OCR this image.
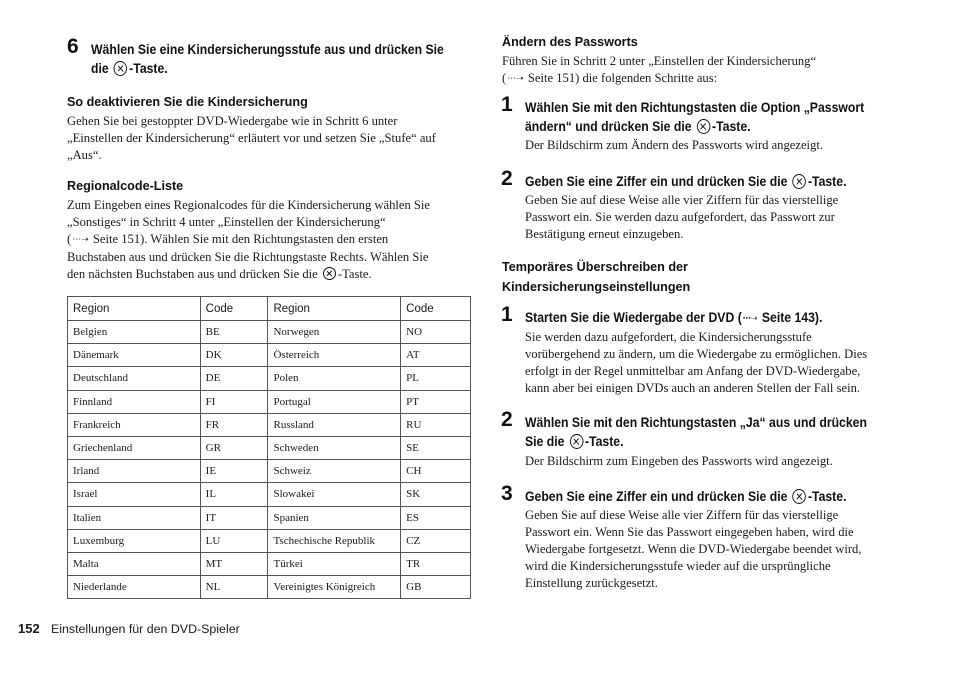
6 Wählen Sie eine Kindersicherungsstufe aus und drücken Sie
die -Taste.
So deaktivieren Sie die Kindersicherung
Gehen Sie bei gestoppter DVD-Wiedergabe wie in Schritt 6 unter
„Einstellen der Kindersicherung“ erläutert vor und setzen Sie „Stufe“ auf
„Aus“.
Regionalcode-Liste
Zum Eingeben eines Regionalcodes für die Kindersicherung wählen Sie
„Sonstiges“ in Schritt 4 unter „Einstellen der Kindersicherung“
(⋯➝ Seite 151). Wählen Sie mit den Richtungstasten den ersten
Buchstaben aus und drücken Sie die Richtungstaste Rechts. Wählen Sie
den nächsten Buchstaben aus und drücken Sie die -Taste.
Region	Code	Region	Code
Belgien	BE	Norwegen	NO
Dänemark	DK	Österreich	AT
Deutschland	DE	Polen	PL
Finnland	FI	Portugal	PT
Frankreich	FR	Russland	RU
Griechenland	GR	Schweden	SE
Irland	IE	Schweiz	CH
Israel	IL	Slowakei	SK
Italien	IT	Spanien	ES
Luxemburg	LU	Tschechische Republik	CZ
Malta	MT	Türkei	TR
Niederlande	NL	Vereinigtes Königreich	GB
Ändern des Passworts
Führen Sie in Schritt 2 unter „Einstellen der Kindersicherung“
(⋯➝ Seite 151) die folgenden Schritte aus:
1 Wählen Sie mit den Richtungstasten die Option „Passwort
ändern“ und drücken Sie die -Taste.
Der Bildschirm zum Ändern des Passworts wird angezeigt.
2 Geben Sie eine Ziffer ein und drücken Sie die -Taste.
Geben Sie auf diese Weise alle vier Ziffern für das vierstellige
Passwort ein. Sie werden dazu aufgefordert, das Passwort zur
Bestätigung erneut einzugeben.
Temporäres Überschreiben der
Kindersicherungseinstellungen
1 Starten Sie die Wiedergabe der DVD (⋯➝ Seite 143).
Sie werden dazu aufgefordert, die Kindersicherungsstufe
vorübergehend zu ändern, um die Wiedergabe zu ermöglichen. Dies
erfolgt in der Regel unmittelbar am Anfang der DVD-Wiedergabe,
kann aber bei einigen DVDs auch an anderen Stellen der Fall sein.
2 Wählen Sie mit den Richtungstasten „Ja“ aus und drücken
Sie die -Taste.
Der Bildschirm zum Eingeben des Passworts wird angezeigt.
3 Geben Sie eine Ziffer ein und drücken Sie die -Taste.
Geben Sie auf diese Weise alle vier Ziffern für das vierstellige
Passwort ein. Wenn Sie das Passwort eingegeben haben, wird die
Wiedergabe fortgesetzt. Wenn die DVD-Wiedergabe beendet wird,
wird die Kindersicherungsstufe wieder auf die ursprüngliche
Einstellung zurückgesetzt.
152 Einstellungen für den DVD-Spieler
